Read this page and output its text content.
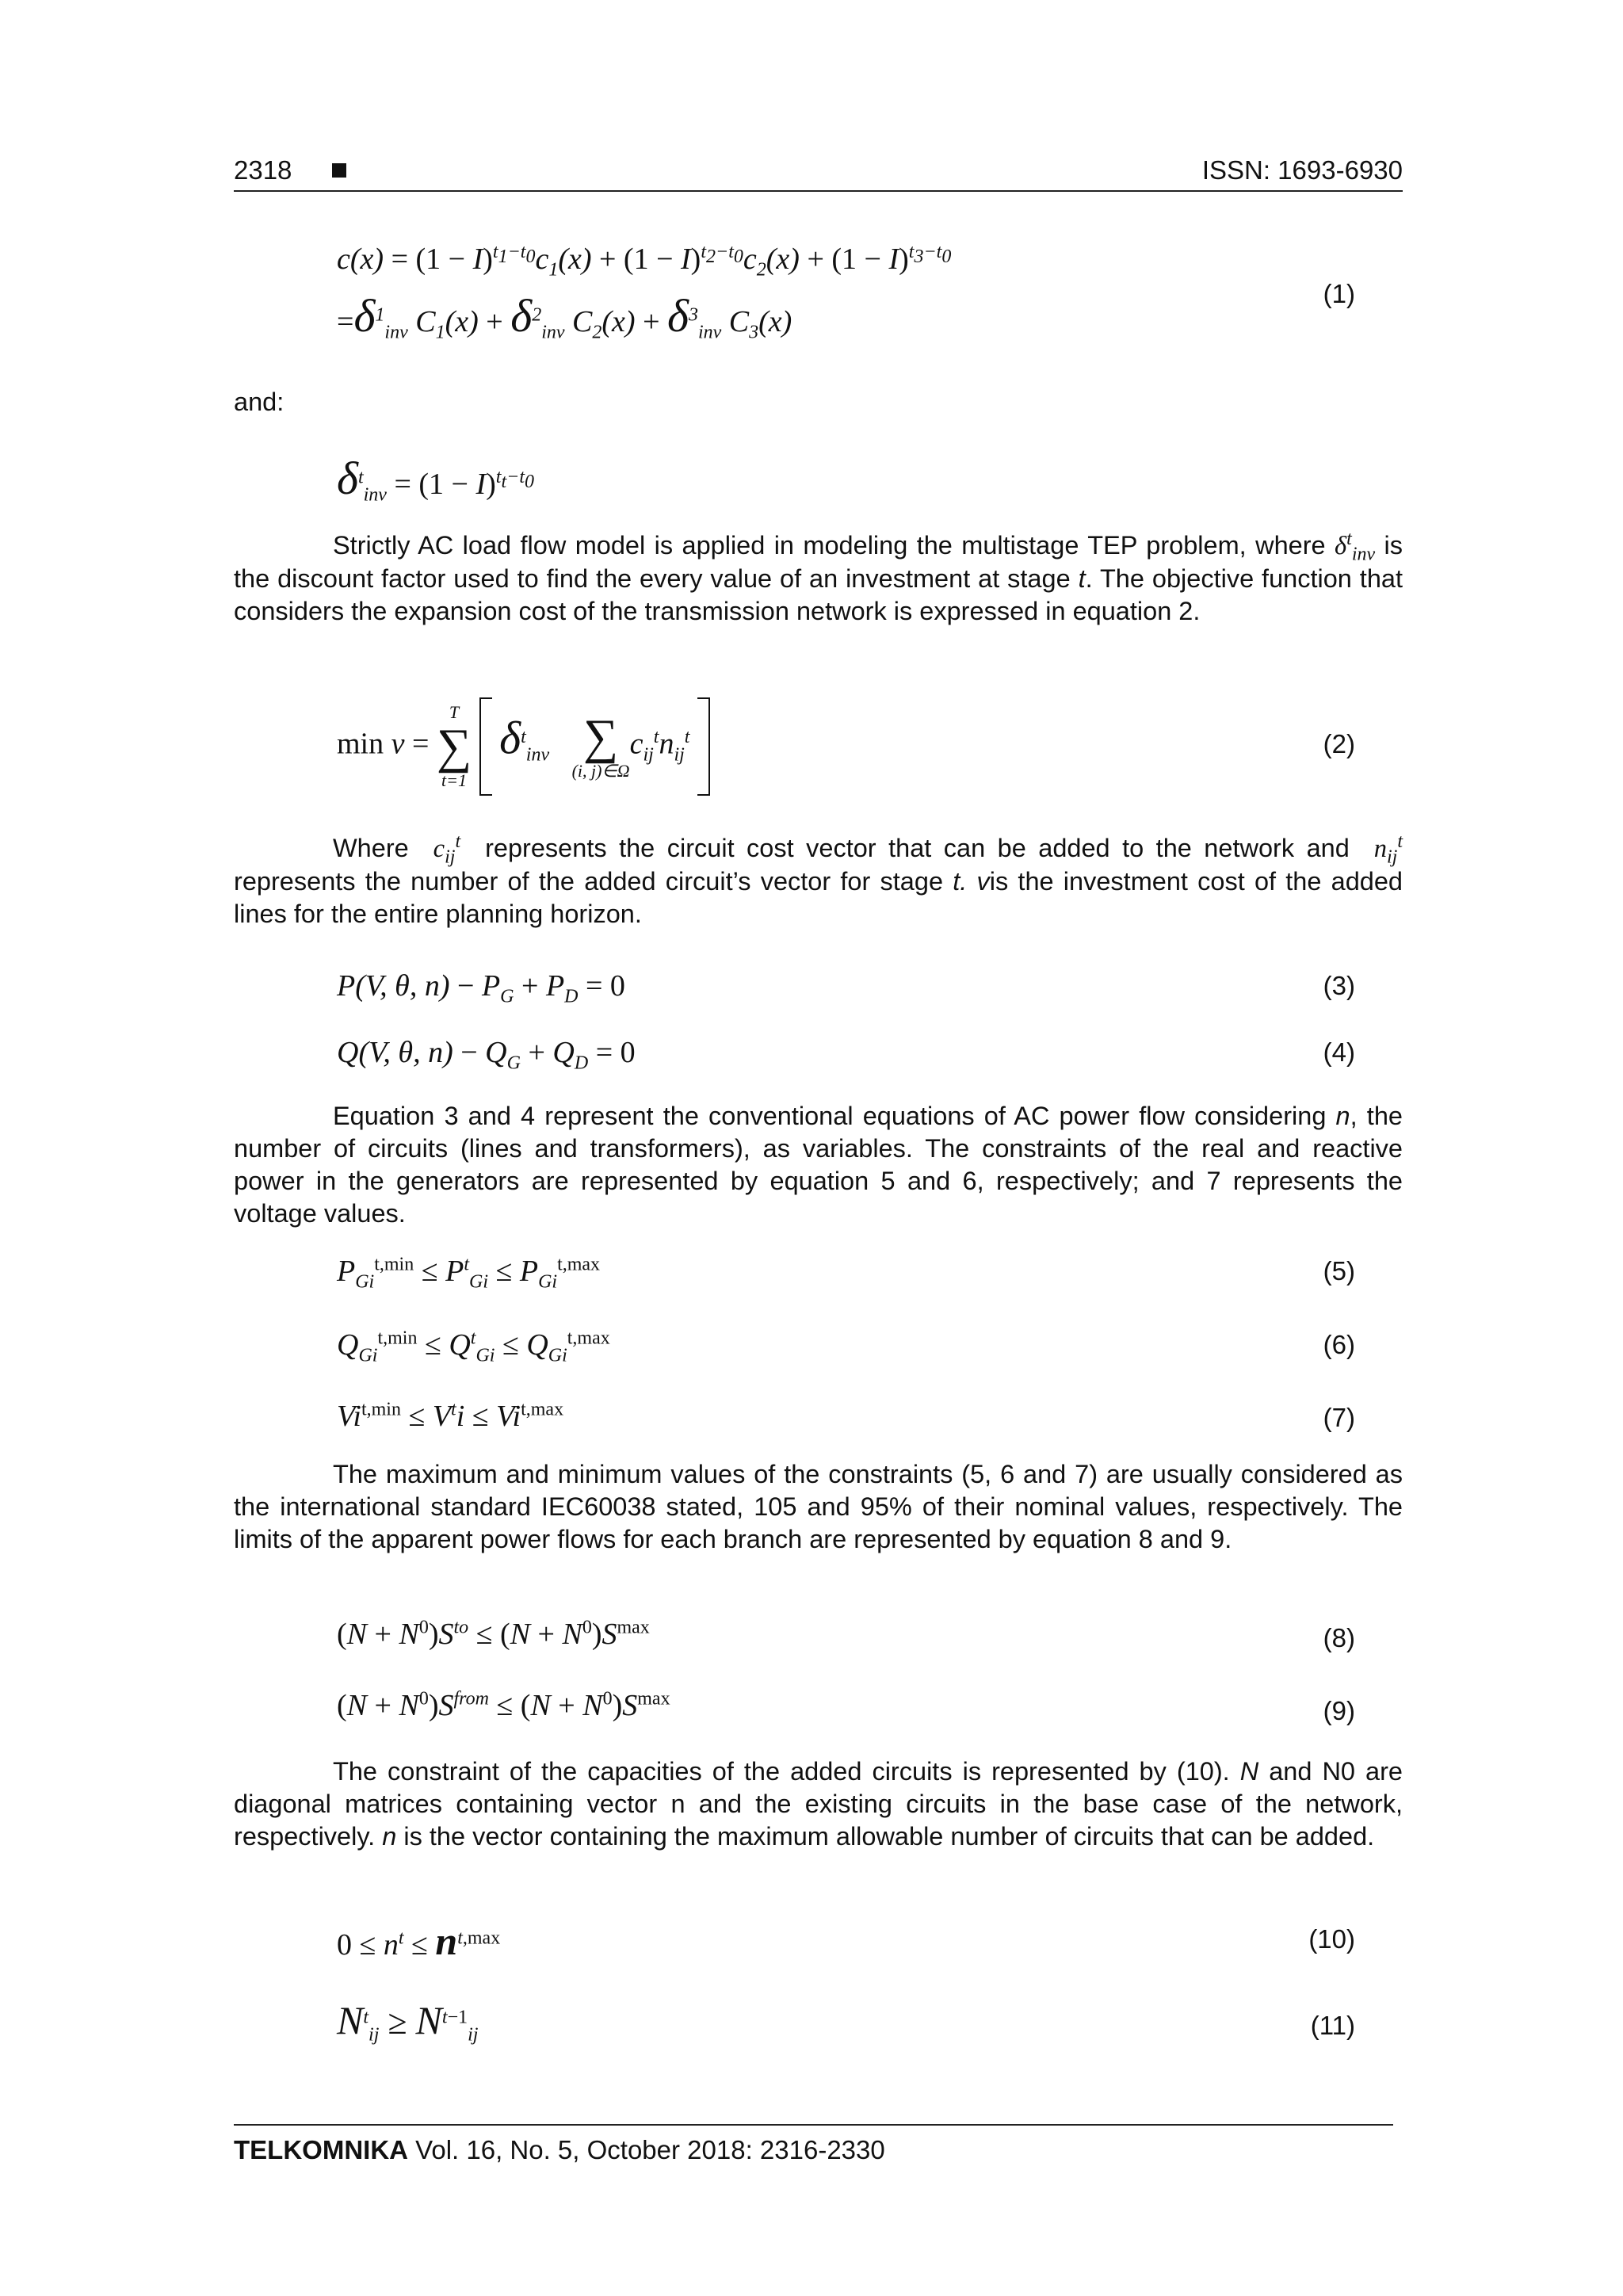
2318	ISSN: 1693-6930
$c(x) = (1 - I)^{t_1-t_0}c_1(x) + (1 - I)^{t_2-t_0}c_2(x) + (1 - I)^{t_3-t_0}$
$=\delta^1_{inv}$ $C_1(x) + \delta^2_{inv}$ $C_2(x) + \delta^3_{inv}$ $C_3(x)$
(1)
and:
$\delta^t_{inv} = (1 - I)^{t_t-t_0}$
Strictly AC load flow model is applied in modeling the multistage TEP problem, where $\delta^t_{inv}$ is the discount factor used to find the every value of an investment at stage t. The objective function that considers the expansion cost of the transmission network is expressed in equation 2.
min v =
T
∑
t=1
$\delta^t_{inv}$ ∑
(i, j)∈Ω
$c_{ij}^tn_{ij}^t$	(2)
Where $c_{ij}^t$ represents the circuit cost vector that can be added to the network and $n_{ij}^t$ represents the number of the added circuit’s vector for stage t. vis the investment cost of the added lines for the entire planning horizon.
P(V, θ, $n) - P_G + P_D = 0$	(3)
Q(V, θ, $n) - Q_G + Q_D = 0$	(4)
Equation 3 and 4 represent the conventional equations of AC power flow considering n, the number of circuits (lines and transformers), as variables. The constraints of the real and reactive power in the generators are represented by equation 5 and 6, respectively; and 7 represents the voltage values.
$P_{Gi}^{t,min} \le P^t_{Gi} \le P_{Gi}^{t,max}$	(5)
$Q_{Gi}^{t,min} \le Q^t_{Gi} \le Q_{Gi}^{t,max}$	(6)
$Vi^{t,min} \le V^ti \le Vi^{t,max}$	(7)
The maximum and minimum values of the constraints (5, 6 and 7) are usually considered as the international standard IEC60038 stated, 105 and 95% of their nominal values, respectively. The limits of the apparent power flows for each branch are represented by equation 8 and 9.
$(N + N^0)S^{to} \le (N + N^0)S^{max}$	(8)
$(N + N^0)S^{from} \le (N + N^0)S^{max}$	(9)
The constraint of the capacities of the added circuits is represented by (10). N and N0 are diagonal matrices containing vector n and the existing circuits in the base case of the network, respectively. n is the vector containing the maximum allowable number of circuits that can be added.
$0 \le n^t \le n^{t,max}$	(10)
$N^t_{ij} \ge N^{t-1}_{ij}$	(11)
TELKOMNIKA Vol. 16, No. 5, October 2018: 2316-2330
